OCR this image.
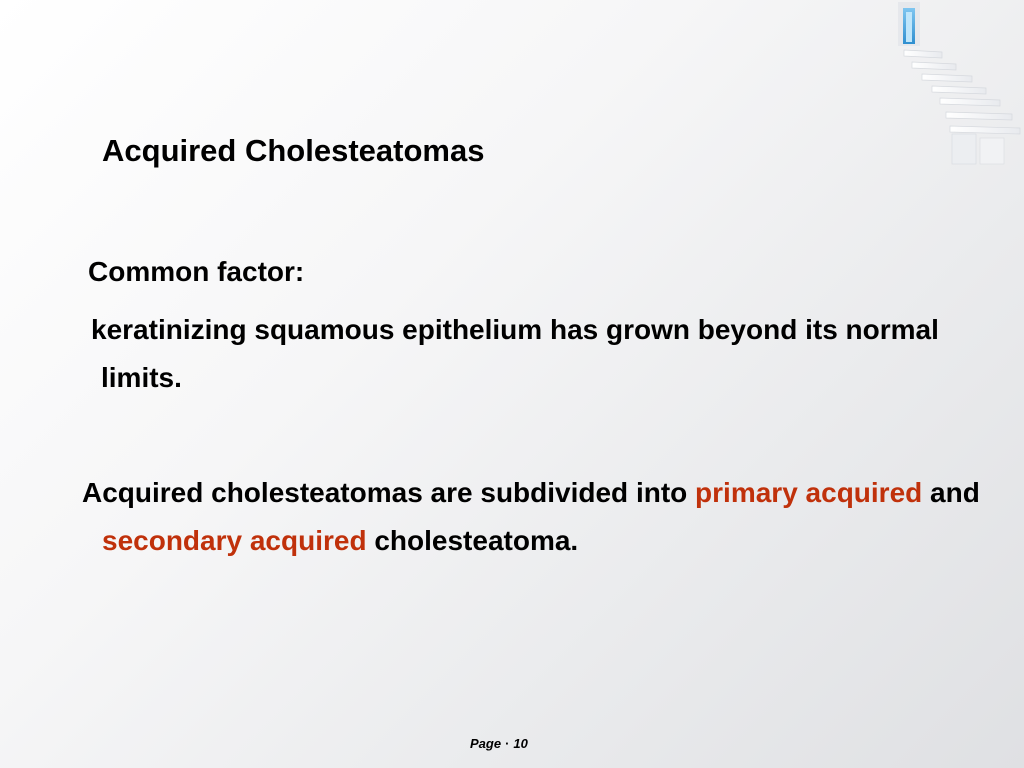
Acquired Cholesteatomas

Common factor:

keratinizing squamous epithelium has grown beyond its normal limits.

Acquired cholesteatomas are subdivided into primary acquired and secondary acquired cholesteatoma.

Page · 10
